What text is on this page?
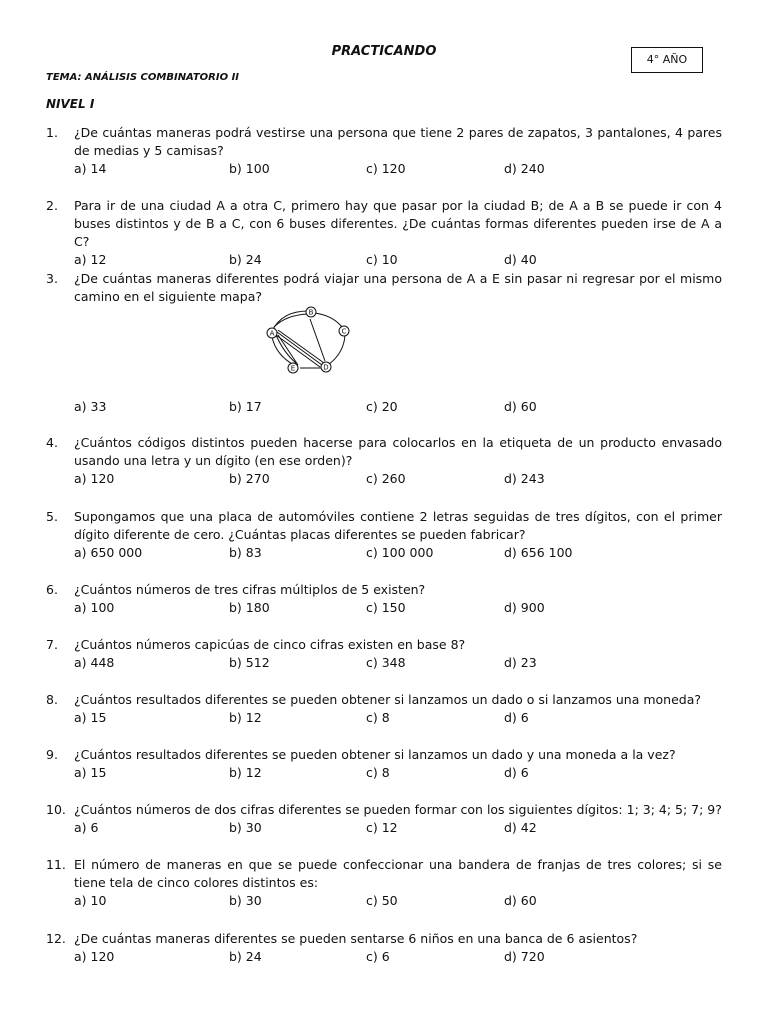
PRACTICANDO
4° AÑO
TEMA: ANÁLISIS COMBINATORIO II
NIVEL I
1. ¿De cuántas maneras podrá vestirse una persona que tiene 2 pares de zapatos, 3 pantalones, 4 pares de medias y 5 camisas?
a) 14	b) 100	c) 120	d) 240
2. Para ir de una ciudad A a otra C, primero hay que pasar por la ciudad B; de A a B se puede ir con 4 buses distintos y de B a C, con 6 buses diferentes. ¿De cuántas formas diferentes pueden irse de A a C?
a) 12	b) 24	c) 10	d) 40
3. ¿De cuántas maneras diferentes podrá viajar una persona de A a E sin pasar ni regresar por el mismo camino en el siguiente mapa?
A
B
C
D
E
a) 33	b) 17	c) 20	d) 60
4. ¿Cuántos códigos distintos pueden hacerse para colocarlos en la etiqueta de un producto envasado usando una letra y un dígito (en ese orden)?
a) 120	b) 270	c) 260	d) 243
5. Supongamos que una placa de automóviles contiene 2 letras seguidas de tres dígitos, con el primer dígito diferente de cero. ¿Cuántas placas diferentes se pueden fabricar?
a) 650 000	b) 83	c) 100 000	d) 656 100
6. ¿Cuántos números de tres cifras múltiplos de 5 existen?
a) 100	b) 180	c) 150	d) 900
7. ¿Cuántos números capicúas de cinco cifras existen en base 8?
a) 448	b) 512	c) 348	d) 23
8. ¿Cuántos resultados diferentes se pueden obtener si lanzamos un dado o si lanzamos una moneda?
a) 15	b) 12	c) 8	d) 6
9. ¿Cuántos resultados diferentes se pueden obtener si lanzamos un dado y una moneda a la vez?
a) 15	b) 12	c) 8	d) 6
10. ¿Cuántos números de dos cifras diferentes se pueden formar con los siguientes dígitos: 1; 3; 4; 5; 7; 9?
a) 6	b) 30	c) 12	d) 42
11. El número de maneras en que se puede confeccionar una bandera de franjas de tres colores; si se tiene tela de cinco colores distintos es:
a) 10	b) 30	c) 50	d) 60
12. ¿De cuántas maneras diferentes se pueden sentarse 6 niños en una banca de 6 asientos?
a) 120	b) 24	c) 6	d) 720
